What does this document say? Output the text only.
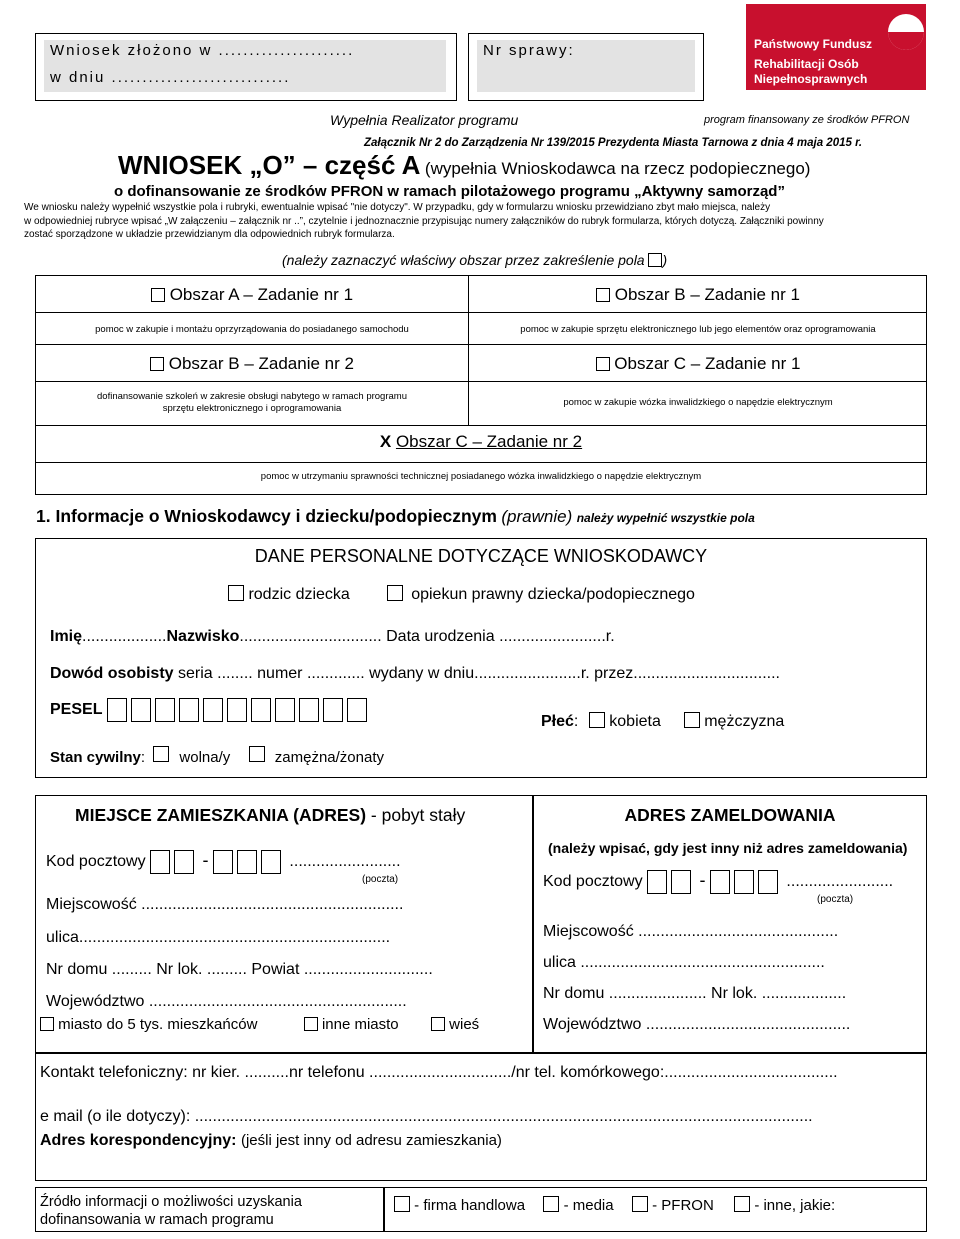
Wniosek złożono w ......................
w dniu .............................
Nr sprawy:	Państwowy Fundusz
Rehabilitacji Osób
Niepełnosprawnych
Wypełnia Realizator programu	program finansowany ze środków PFRON
Załącznik Nr 2 do Zarządzenia Nr 139/2015 Prezydenta Miasta Tarnowa z dnia 4 maja 2015 r.
WNIOSEK „O” – część A (wypełnia Wnioskodawca na rzecz podopiecznego)
o dofinansowanie ze środków PFRON w ramach pilotażowego programu „Aktywny samorząd”
We wniosku należy wypełnić wszystkie pola i rubryki, ewentualnie wpisać "nie dotyczy". W przypadku, gdy w formularzu wniosku przewidziano zbyt mało miejsca, należy
w odpowiedniej rubryce wpisać „W załączeniu – załącznik nr ..”, czytelnie i jednoznacznie przypisując numery załączników do rubryk formularza, których dotyczą. Załączniki powinny
zostać sporządzone w układzie przewidzianym dla odpowiednich rubryk formularza.
(należy zaznaczyć właściwy obszar przez zakreślenie pola )
Obszar A – Zadanie nr 1
pomoc w zakupie i montażu oprzyrządowania do posiadanego samochodu
Obszar B – Zadanie nr 1
pomoc w zakupie sprzętu elektronicznego lub jego elementów oraz oprogramowania
Obszar B – Zadanie nr 2
dofinansowanie szkoleń w zakresie obsługi nabytego w ramach programu
sprzętu elektronicznego i oprogramowania
Obszar C – Zadanie nr 1
pomoc w zakupie wózka inwalidzkiego o napędzie elektrycznym
X Obszar C – Zadanie nr 2
pomoc w utrzymaniu sprawności technicznej posiadanego wózka inwalidzkiego o napędzie elektrycznym
1. Informacje o Wnioskodawcy i dziecku/podopiecznym (prawnie) należy wypełnić wszystkie pola
DANE PERSONALNE DOTYCZĄCE WNIOSKODAWCY
rodzic dziecka	opiekun prawny dziecka/podopiecznego
Imię...................Nazwisko................................ Data urodzenia ........................r.
Dowód osobisty seria ........ numer ............. wydany w dniu........................r. przez.................................
PESEL
Płeć:  kobieta	mężczyzna
Stan cywilny:  wolna/y	zamężna/żonaty
MIEJSCE ZAMIESZKANIA (ADRES) - pobyt stały
Kod pocztowy	-	.........................
(poczta)
Miejscowość ...........................................................
ulica......................................................................
Nr domu ......... Nr lok. ......... Powiat .............................
Województwo ..........................................................
miasto do 5 tys. mieszkańców	inne miasto	wieś
ADRES ZAMELDOWANIA
(należy wpisać, gdy jest inny niż adres zameldowania)
Kod pocztowy	-	........................
(poczta)
Miejscowość .............................................
ulica .......................................................
Nr domu ...................... Nr lok. ...................
Województwo ..............................................
Kontakt telefoniczny: nr kier. ..........nr telefonu ................................/nr tel. komórkowego:.......................................
e mail (o ile dotyczy): ...........................................................................................................................................
Adres korespondencyjny: (jeśli jest inny od adresu zamieszkania)
Źródło informacji o możliwości uzyskania
dofinansowania w ramach programu
- firma handlowa	- media	- PFRON	- inne, jakie:
